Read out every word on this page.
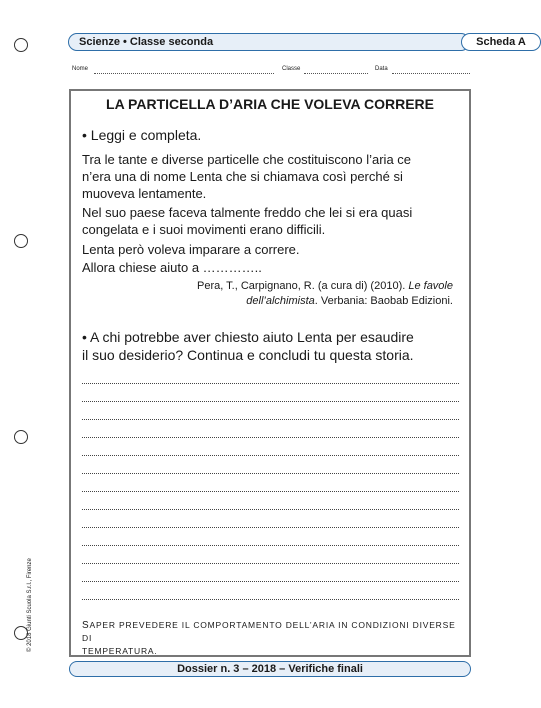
Scienze • Classe seconda	Scheda A
Nome	Classe	Data
LA PARTICELLA D’ARIA CHE VOLEVA CORRERE
• Leggi e completa.
Tra le tante e diverse particelle che costituiscono l’aria ce
n’era una di nome Lenta che si chiamava così perché si
muoveva lentamente.
Nel suo paese faceva talmente freddo che lei si era quasi
congelata e i suoi movimenti erano difficili.
Lenta però voleva imparare a correre.
Allora chiese aiuto a …………..
Pera, T., Carpignano, R. (a cura di) (2010). Le favole
dell’alchimista. Verbania: Baobab Edizioni.
• A chi potrebbe aver chiesto aiuto Lenta per esaudire
il suo desiderio? Continua e concludi tu questa storia.
SAPER PREVEDERE IL COMPORTAMENTO DELL’ARIA IN CONDIZIONI DIVERSE DI
TEMPERATURA.
Dossier n. 3 – 2018 – Verifiche finali
© 2018 Giunti Scuola S.r.l., Firenze
